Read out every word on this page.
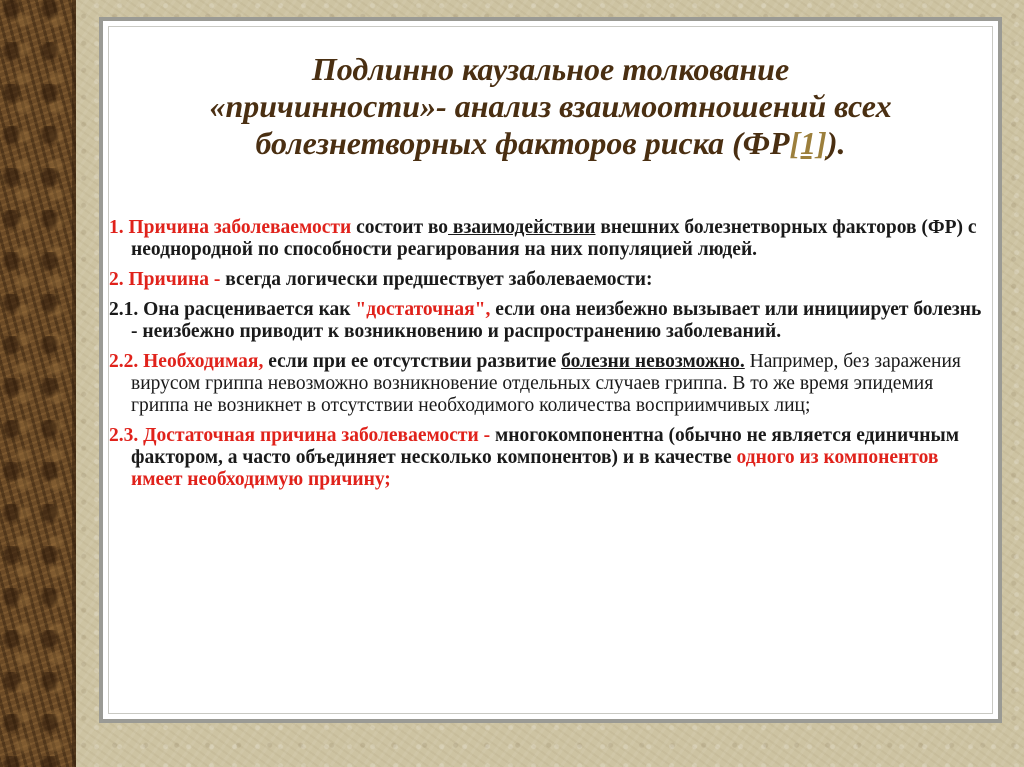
Подлинно каузальное толкование
«причинности»- анализ взаимоотношений всех
болезнетворных факторов риска (ФР[1]).
1. Причина заболеваемости состоит во взаимодействии внешних болезнетворных факторов (ФР) с неоднородной по способности реагирования на них популяцией людей.
2. Причина - всегда логически предшествует заболеваемости:
2.1. Она расценивается как "достаточная", если она неизбежно вызывает или инициирует болезнь - неизбежно приводит к возникновению и распространению заболеваний.
2.2. Необходимая, если при ее отсутствии развитие болезни невозможно. Например, без заражения вирусом гриппа невозможно возникновение отдельных случаев гриппа. В то же время эпидемия гриппа не возникнет в отсутствии необходимого количества восприимчивых лиц;
2.3. Достаточная причина заболеваемости - многокомпонентна (обычно не является единичным фактором, а часто объединяет несколько компонентов) и в качестве одного из компонентов имеет необходимую причину;
